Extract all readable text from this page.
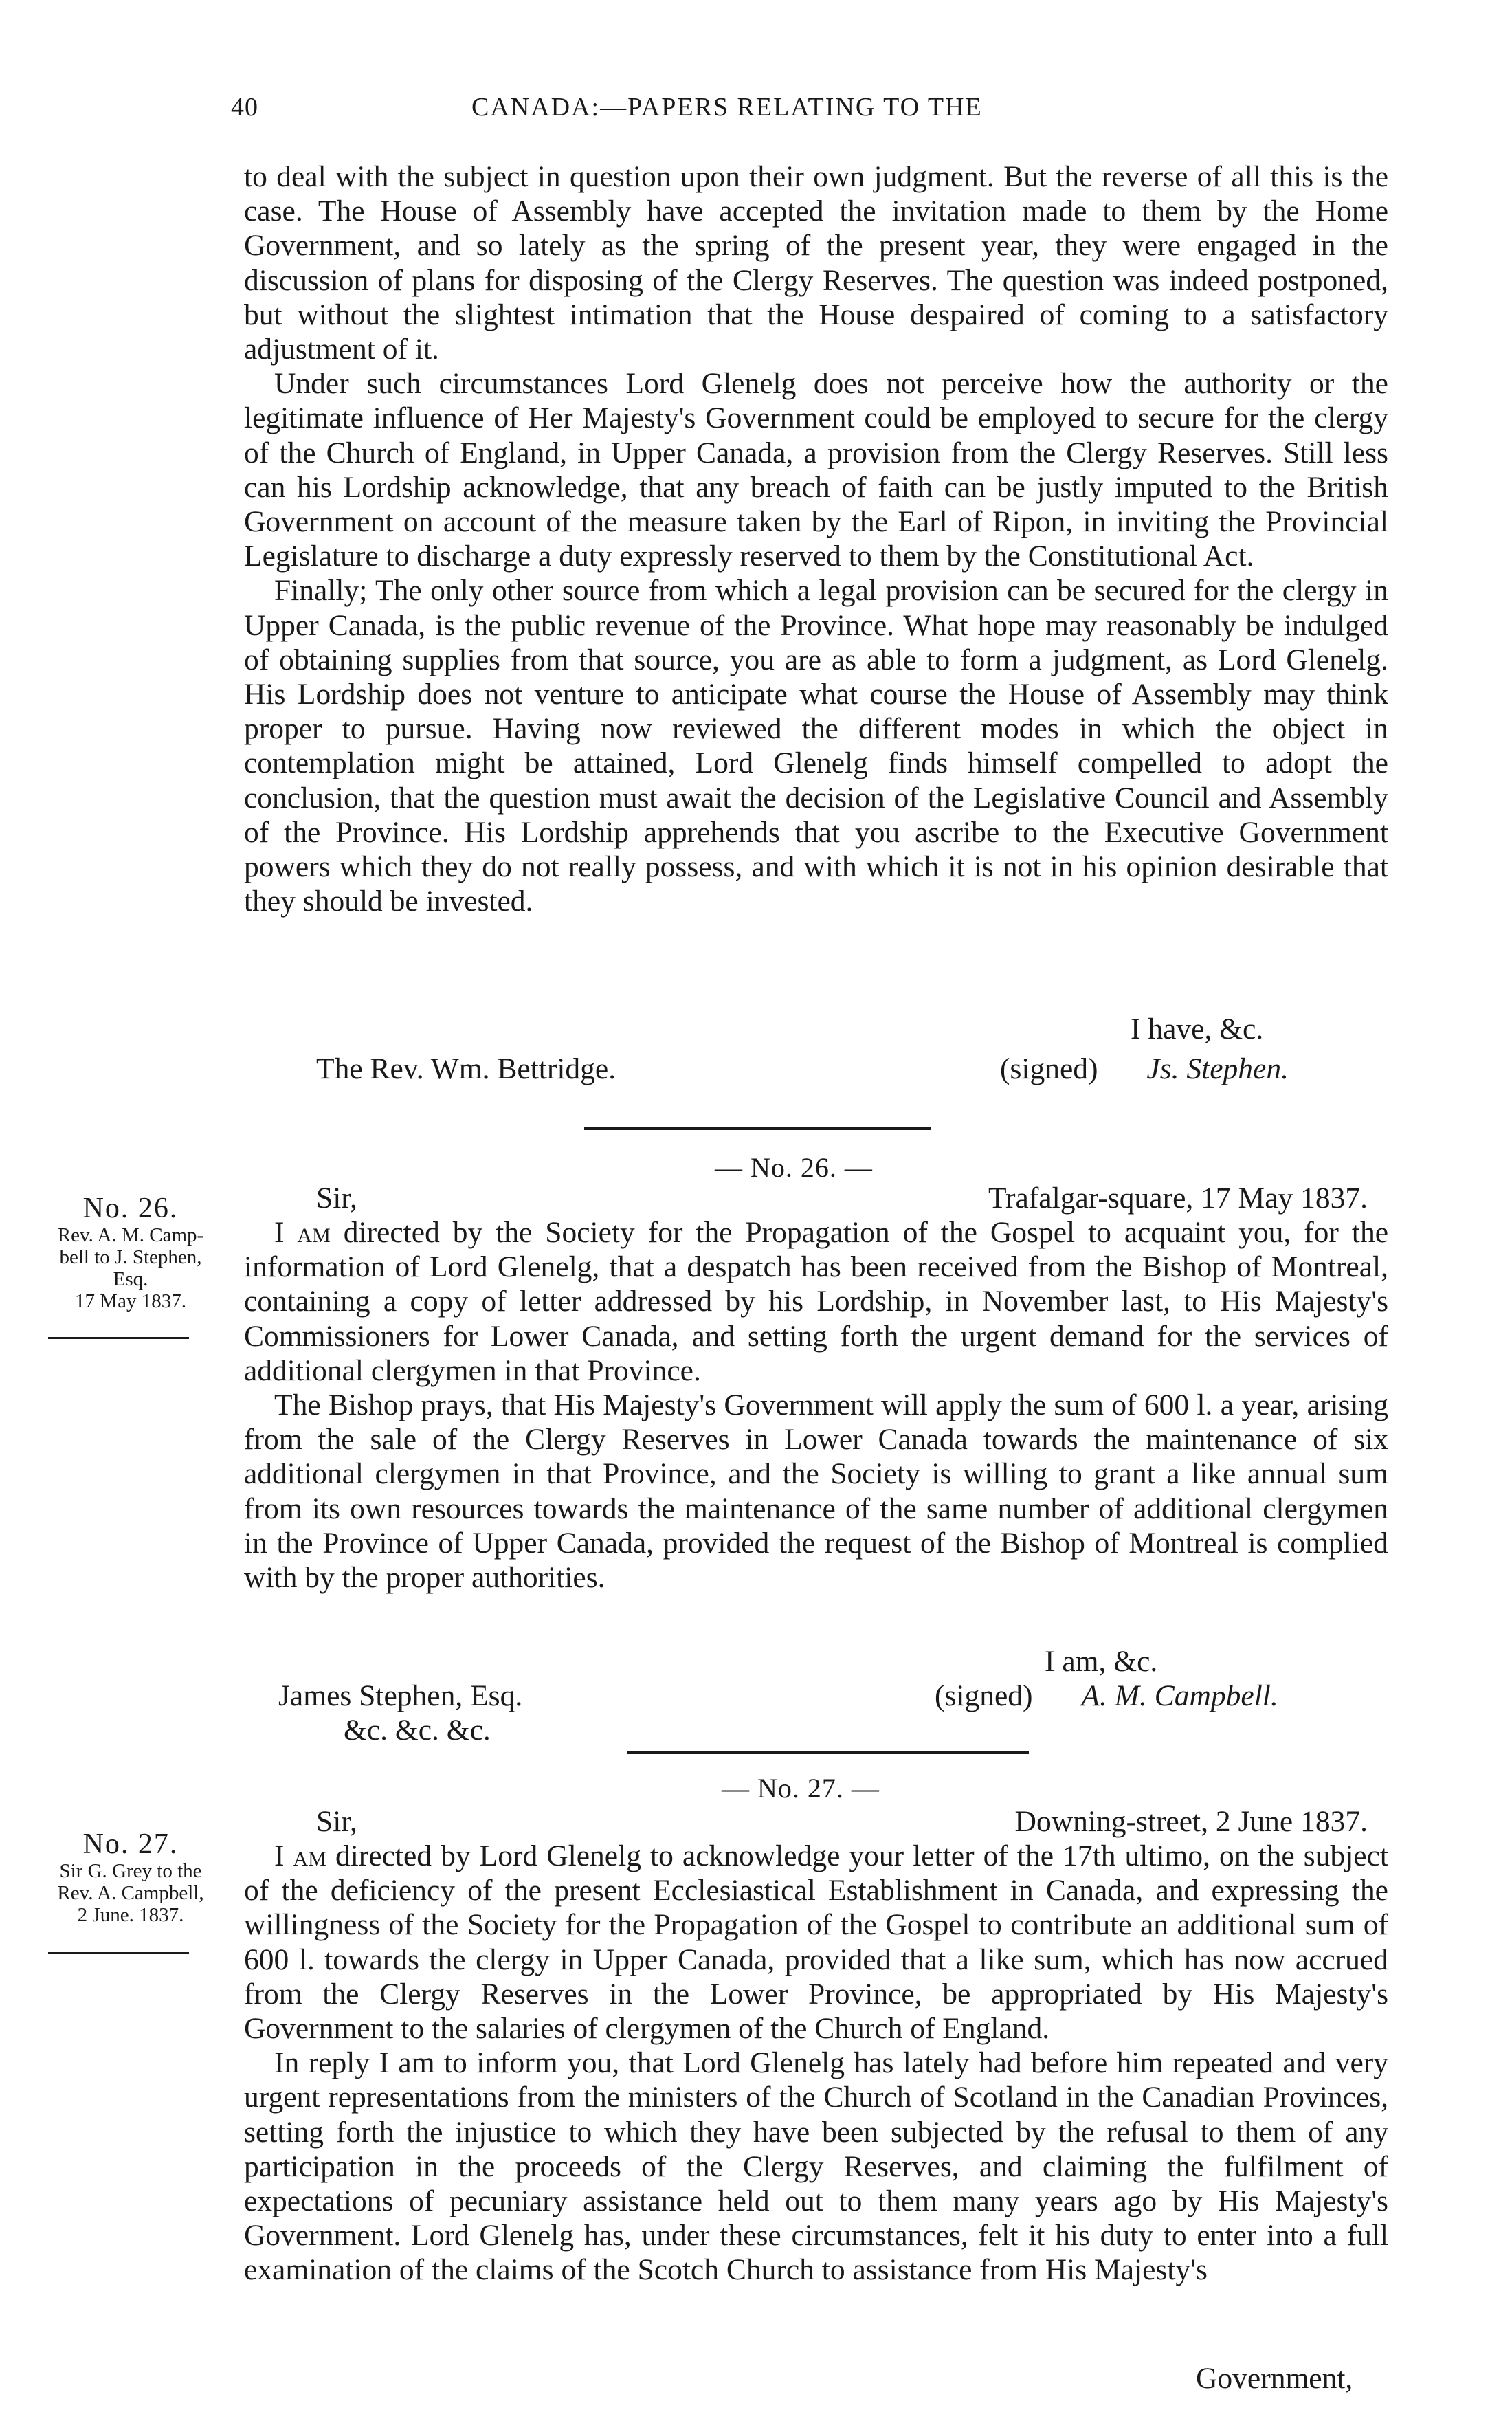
40	CANADA:—PAPERS RELATING TO THE

to deal with the subject in question upon their own judgment. But the reverse of all this is the case. The House of Assembly have accepted the invitation made to them by the Home Government, and so lately as the spring of the present year, they were engaged in the discussion of plans for disposing of the Clergy Reserves. The question was indeed postponed, but without the slightest intimation that the House despaired of coming to a satisfactory adjustment of it.

Under such circumstances Lord Glenelg does not perceive how the authority or the legitimate influence of Her Majesty's Government could be employed to secure for the clergy of the Church of England, in Upper Canada, a provision from the Clergy Reserves. Still less can his Lordship acknowledge, that any breach of faith can be justly imputed to the British Government on account of the measure taken by the Earl of Ripon, in inviting the Provincial Legislature to discharge a duty expressly reserved to them by the Constitutional Act.

Finally; The only other source from which a legal provision can be secured for the clergy in Upper Canada, is the public revenue of the Province. What hope may reasonably be indulged of obtaining supplies from that source, you are as able to form a judgment, as Lord Glenelg. His Lordship does not venture to anticipate what course the House of Assembly may think proper to pursue. Having now reviewed the different modes in which the object in contemplation might be attained, Lord Glenelg finds himself compelled to adopt the conclusion, that the question must await the decision of the Legislative Council and Assembly of the Province. His Lordship apprehends that you ascribe to the Executive Government powers which they do not really possess, and with which it is not in his opinion desirable that they should be invested.

I have, &c.
The Rev. Wm. Bettridge.	(signed) Js. Stephen.
— No. 26. —
No. 26.
Rev. A. M. Camp-
bell to J. Stephen,
Esq.
17 May 1837.
Sir,	Trafalgar-square, 17 May 1837.

I am directed by the Society for the Propagation of the Gospel to acquaint you, for the information of Lord Glenelg, that a despatch has been received from the Bishop of Montreal, containing a copy of letter addressed by his Lordship, in November last, to His Majesty's Commissioners for Lower Canada, and setting forth the urgent demand for the services of additional clergymen in that Province.

The Bishop prays, that His Majesty's Government will apply the sum of 600 l. a year, arising from the sale of the Clergy Reserves in Lower Canada towards the maintenance of six additional clergymen in that Province, and the Society is willing to grant a like annual sum from its own resources towards the maintenance of the same number of additional clergymen in the Province of Upper Canada, provided the request of the Bishop of Montreal is complied with by the proper authorities.

I am, &c.
James Stephen, Esq.
&c. &c. &c.
(signed) A. M. Campbell.
— No. 27. —
No. 27.
Sir G. Grey to the
Rev. A. Campbell,
2 June. 1837.
Sir,	Downing-street, 2 June 1837.

I am directed by Lord Glenelg to acknowledge your letter of the 17th ultimo, on the subject of the deficiency of the present Ecclesiastical Establishment in Canada, and expressing the willingness of the Society for the Propagation of the Gospel to contribute an additional sum of 600 l. towards the clergy in Upper Canada, provided that a like sum, which has now accrued from the Clergy Reserves in the Lower Province, be appropriated by His Majesty's Government to the salaries of clergymen of the Church of England.

In reply I am to inform you, that Lord Glenelg has lately had before him repeated and very urgent representations from the ministers of the Church of Scotland in the Canadian Provinces, setting forth the injustice to which they have been subjected by the refusal to them of any participation in the proceeds of the Clergy Reserves, and claiming the fulfilment of expectations of pecuniary assistance held out to them many years ago by His Majesty's Government. Lord Glenelg has, under these circumstances, felt it his duty to enter into a full examination of the claims of the Scotch Church to assistance from His Majesty's

Government,
